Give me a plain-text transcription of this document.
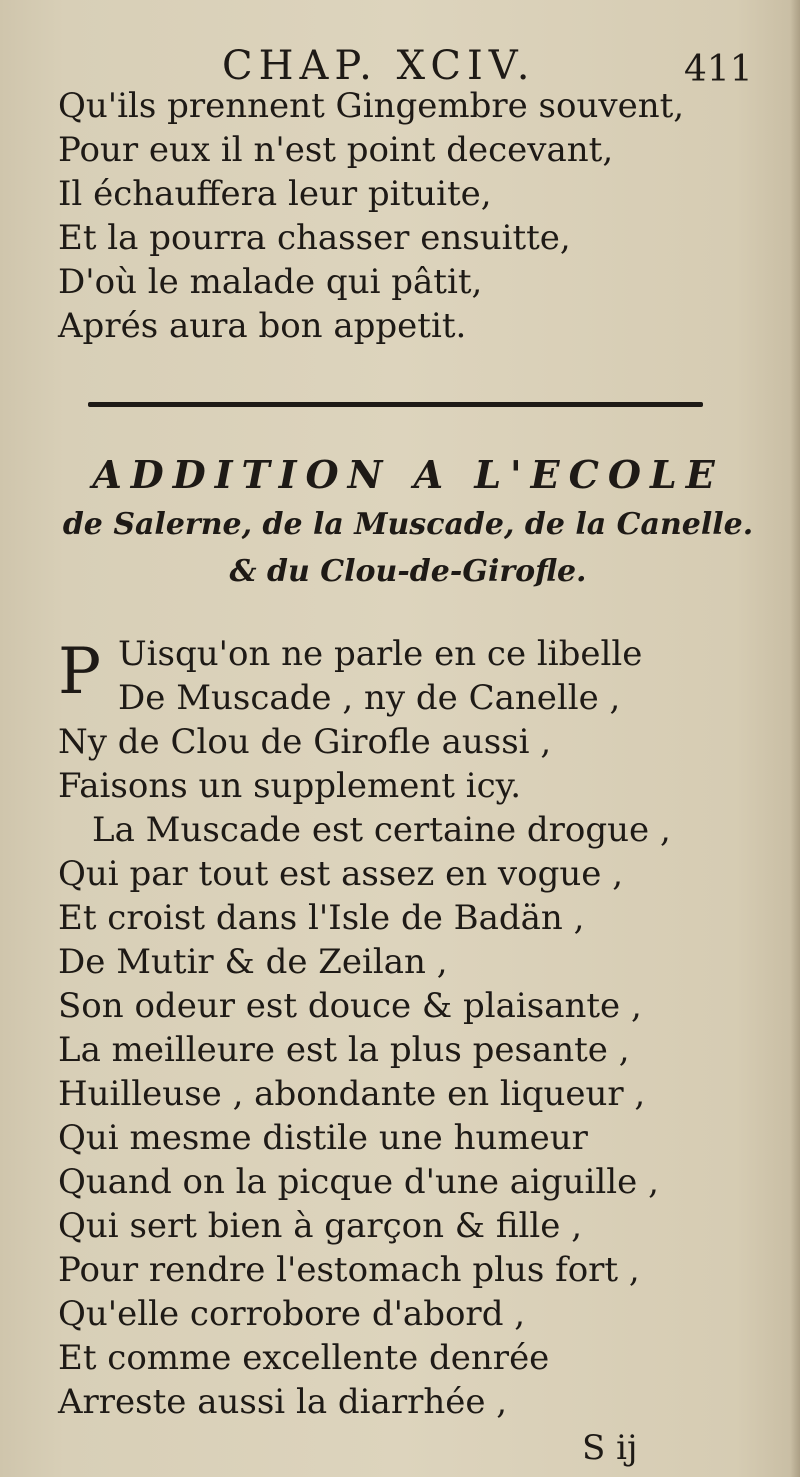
CHAP. XCIV.	411
Qu'ils prennent Gingembre souvent,
Pour eux il n'est point decevant,
Il échauffera leur pituite,
Et la pourra chasser ensuitte,
D'où le malade qui pâtit,
Aprés aura bon appetit.
ADDITION A L'ECOLE
de Salerne, de la Muscade, de la Canelle.
& du Clou-de-Girofle.
P Uisqu'on ne parle en ce libelle
De Muscade , ny de Canelle ,
Ny de Clou de Girofle aussi ,
Faisons un supplement icy.
La Muscade est certaine drogue ,
Qui par tout est assez en vogue ,
Et croist dans l'Isle de Badän ,
De Mutir & de Zeilan ,
Son odeur est douce & plaisante ,
La meilleure est la plus pesante ,
Huilleuse , abondante en liqueur ,
Qui mesme distile une humeur
Quand on la picque d'une aiguille ,
Qui sert bien à garçon & fille ,
Pour rendre l'estomach plus fort ,
Qu'elle corrobore d'abord ,
Et comme excellente denrée
Arreste aussi la diarrhée ,
S ij
